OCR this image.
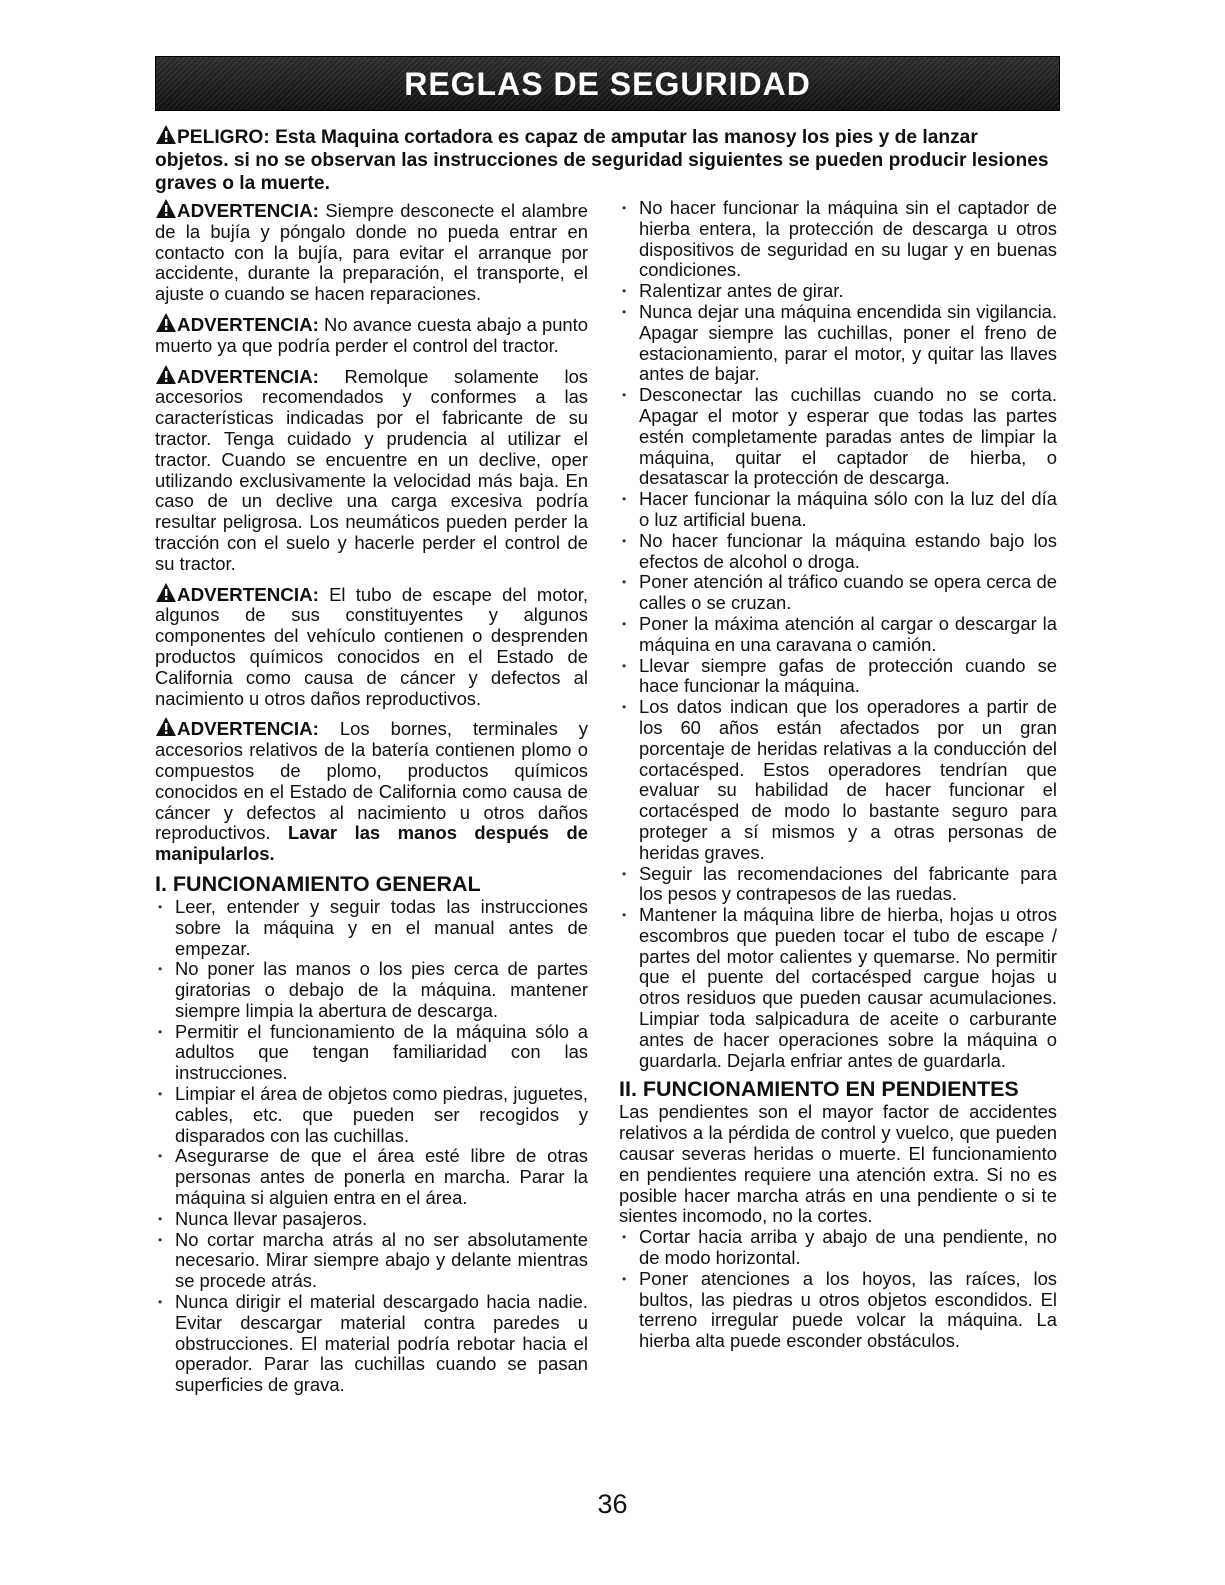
REGLAS DE SEGURIDAD

PELIGRO: Esta Maquina cortadora es capaz de amputar las manosy los pies y de lanzar objetos. si no se observan las instrucciones de seguridad siguientes se pueden producir lesiones graves o la muerte.

ADVERTENCIA: Siempre desconecte el alambre de la bujía y póngalo donde no pueda entrar en contacto con la bujía, para evitar el arranque por accidente, durante la preparación, el transporte, el ajuste o cuando se hacen reparaciones.

ADVERTENCIA: No avance cuesta abajo a punto muerto ya que podría perder el control del tractor.

ADVERTENCIA: Remolque solamente los accesorios recomendados y conformes a las características indicadas por el fabricante de su tractor. Tenga cuidado y prudencia al utilizar el tractor. Cuando se encuentre en un declive, oper utilizando exclusivamente la velocidad más baja. En caso de un declive una carga excesiva podría resultar peligrosa. Los neumáticos pueden perder la tracción con el suelo y hacerle perder el control de su tractor.

ADVERTENCIA: El tubo de escape del motor, algunos de sus constituyentes y algunos componentes del vehículo contienen o desprenden productos químicos conocidos en el Estado de California como causa de cáncer y defectos al nacimiento u otros daños reproductivos.

ADVERTENCIA: Los bornes, terminales y accesorios relativos de la batería contienen plomo o compuestos de plomo, productos químicos conocidos en el Estado de California como causa de cáncer y defectos al nacimiento u otros daños reproductivos. Lavar las manos después de manipularlos.

I. FUNCIONAMIENTO GENERAL
• Leer, entender y seguir todas las instrucciones sobre la máquina y en el manual antes de empezar.
• No poner las manos o los pies cerca de partes giratorias o debajo de la máquina. mantener siempre limpia la abertura de descarga.
• Permitir el funcionamiento de la máquina sólo a adultos que tengan familiaridad con las instrucciones.
• Limpiar el área de objetos como piedras, juguetes, cables, etc. que pueden ser recogidos y disparados con las cuchillas.
• Asegurarse de que el área esté libre de otras personas antes de ponerla en marcha. Parar la máquina si alguien entra en el área.
• Nunca llevar pasajeros.
• No cortar marcha atrás al no ser absolutamente necesario. Mirar siempre abajo y delante mientras se procede atrás.
• Nunca dirigir el material descargado hacia nadie. Evitar descargar material contra paredes u obstrucciones. El material podría rebotar hacia el operador. Parar las cuchillas cuando se pasan superficies de grava.
• No hacer funcionar la máquina sin el captador de hierba entera, la protección de descarga u otros dispositivos de seguridad en su lugar y en buenas condiciones.
• Ralentizar antes de girar.
• Nunca dejar una máquina encendida sin vigilancia. Apagar siempre las cuchillas, poner el freno de estacionamiento, parar el motor, y quitar las llaves antes de bajar.
• Desconectar las cuchillas cuando no se corta. Apagar el motor y esperar que todas las partes estén completamente paradas antes de limpiar la máquina, quitar el captador de hierba, o desatascar la protección de descarga.
• Hacer funcionar la máquina sólo con la luz del día o luz artificial buena.
• No hacer funcionar la máquina estando bajo los efectos de alcohol o droga.
• Poner atención al tráfico cuando se opera cerca de calles o se cruzan.
• Poner la máxima atención al cargar o descargar la máquina en una caravana o camión.
• Llevar siempre gafas de protección cuando se hace funcionar la máquina.
• Los datos indican que los operadores a partir de los 60 años están afectados por un gran porcentaje de heridas relativas a la conducción del cortacésped. Estos operadores tendrían que evaluar su habilidad de hacer funcionar el cortacésped de modo lo bastante seguro para proteger a sí mismos y a otras personas de heridas graves.
• Seguir las recomendaciones del fabricante para los pesos y contrapesos de las ruedas.
• Mantener la máquina libre de hierba, hojas u otros escombros que pueden tocar el tubo de escape / partes del motor calientes y quemarse. No permitir que el puente del cortacésped cargue hojas u otros residuos que pueden causar acumulaciones. Limpiar toda salpicadura de aceite o carburante antes de hacer operaciones sobre la máquina o guardarla. Dejarla enfriar antes de guardarla.
II. FUNCIONAMIENTO EN PENDIENTES

Las pendientes son el mayor factor de accidentes relativos a la pérdida de control y vuelco, que pueden causar severas heridas o muerte. El funcionamiento en pendientes requiere una atención extra. Si no es posible hacer marcha atrás en una pendiente o si te sientes incomodo, no la cortes.

• Cortar hacia arriba y abajo de una pendiente, no de modo horizontal.
• Poner atenciones a los hoyos, las raíces, los bultos, las piedras u otros objetos escondidos. El terreno irregular puede volcar la máquina. La hierba alta puede esconder obstáculos.
36
